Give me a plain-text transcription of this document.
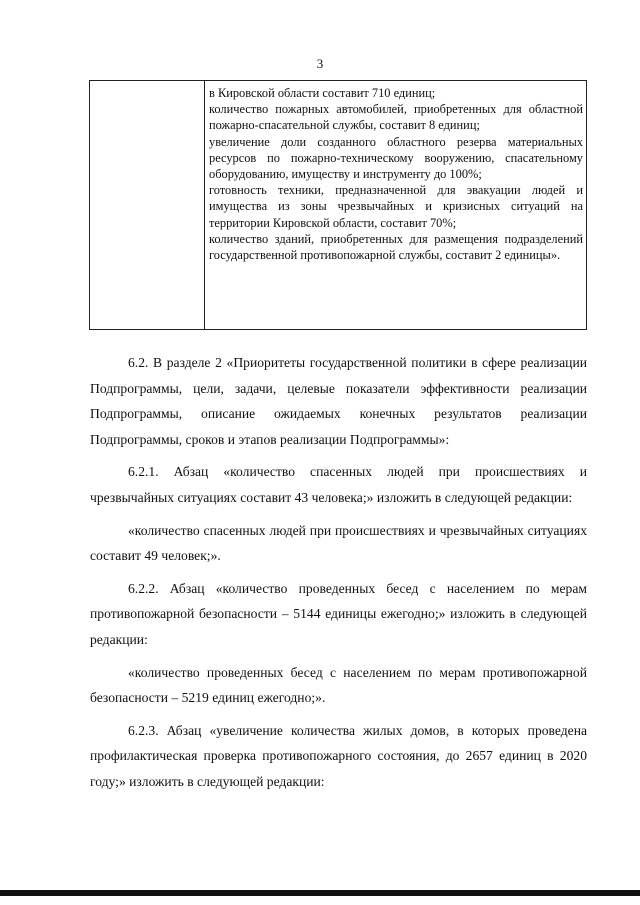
3
в Кировской области составит 710 единиц;
количество пожарных автомобилей, приобретенных для областной пожарно-спасательной службы, составит 8 единиц;
увеличение доли созданного областного резерва материальных ресурсов по пожарно-техническому вооружению, спасательному оборудованию, имуществу и инструменту до 100%;
готовность техники, предназначенной для эвакуации людей и имущества из зоны чрезвычайных и кризисных ситуаций на территории Кировской области, составит 70%;
количество зданий, приобретенных для размещения подразделений государственной противопожарной службы, составит 2 единицы».

6.2. В разделе 2 «Приоритеты государственной политики в сфере реализации Подпрограммы, цели, задачи, целевые показатели эффективности реализации Подпрограммы, описание ожидаемых конечных результатов реализации Подпрограммы, сроков и этапов реализации Подпрограммы»:

6.2.1. Абзац «количество спасенных людей при происшествиях и чрезвычайных ситуациях составит 43 человека;» изложить в следующей редакции:

«количество спасенных людей при происшествиях и чрезвычайных ситуациях составит 49 человек;».

6.2.2. Абзац «количество проведенных бесед с населением по мерам противопожарной безопасности – 5144 единицы ежегодно;» изложить в следующей редакции:

«количество проведенных бесед с населением по мерам противопожарной безопасности – 5219 единиц ежегодно;».

6.2.3. Абзац «увеличение количества жилых домов, в которых проведена профилактическая проверка противопожарного состояния, до 2657 единиц в 2020 году;» изложить в следующей редакции:
